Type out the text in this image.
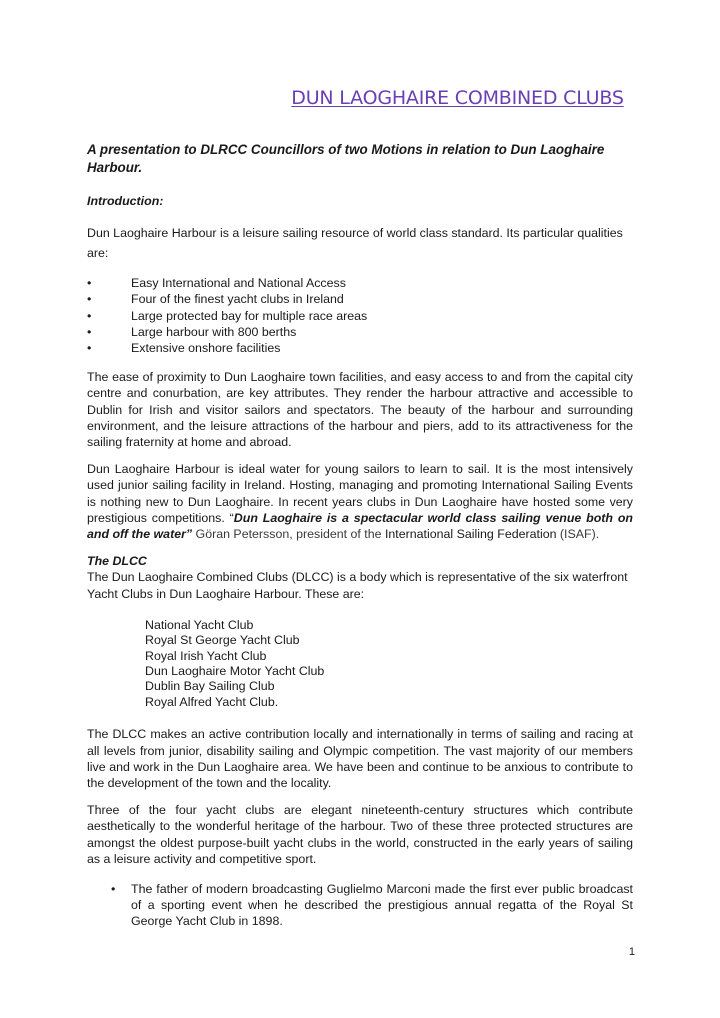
DUN LAOGHAIRE COMBINED CLUBS

A presentation to DLRCC Councillors of two Motions in relation to Dun Laoghaire Harbour.

Introduction:

Dun Laoghaire Harbour is a leisure sailing resource of world class standard. Its particular qualities are:

•	Easy International and National Access
•	Four of the finest yacht clubs in Ireland
•	Large protected bay for multiple race areas
•	Large harbour with 800 berths
•	Extensive onshore facilities

The ease of proximity to Dun Laoghaire town facilities, and easy access to and from the capital city centre and conurbation, are key attributes. They render the harbour attractive and accessible to Dublin for Irish and visitor sailors and spectators. The beauty of the harbour and surrounding environment, and the leisure attractions of the harbour and piers, add to its attractiveness for the sailing fraternity at home and abroad.

Dun Laoghaire Harbour is ideal water for young sailors to learn to sail. It is the most intensively used junior sailing facility in Ireland. Hosting, managing and promoting International Sailing Events is nothing new to Dun Laoghaire. In recent years clubs in Dun Laoghaire have hosted some very prestigious competitions. “Dun Laoghaire is a spectacular world class sailing venue both on and off the water” Göran Petersson, president of the International Sailing Federation (ISAF).

The DLCC

The Dun Laoghaire Combined Clubs (DLCC) is a body which is representative of the six waterfront Yacht Clubs in Dun Laoghaire Harbour. These are:

National Yacht Club
Royal St George Yacht Club
Royal Irish Yacht Club
Dun Laoghaire Motor Yacht Club
Dublin Bay Sailing Club
Royal Alfred Yacht Club.

The DLCC makes an active contribution locally and internationally in terms of sailing and racing at all levels from junior, disability sailing and Olympic competition. The vast majority of our members live and work in the Dun Laoghaire area. We have been and continue to be anxious to contribute to the development of the town and the locality.

Three of the four yacht clubs are elegant nineteenth-century structures which contribute aesthetically to the wonderful heritage of the harbour. Two of these three protected structures are amongst the oldest purpose-built yacht clubs in the world, constructed in the early years of sailing as a leisure activity and competitive sport.

• The father of modern broadcasting Guglielmo Marconi made the first ever public broadcast of a sporting event when he described the prestigious annual regatta of the Royal St George Yacht Club in 1898.
1
